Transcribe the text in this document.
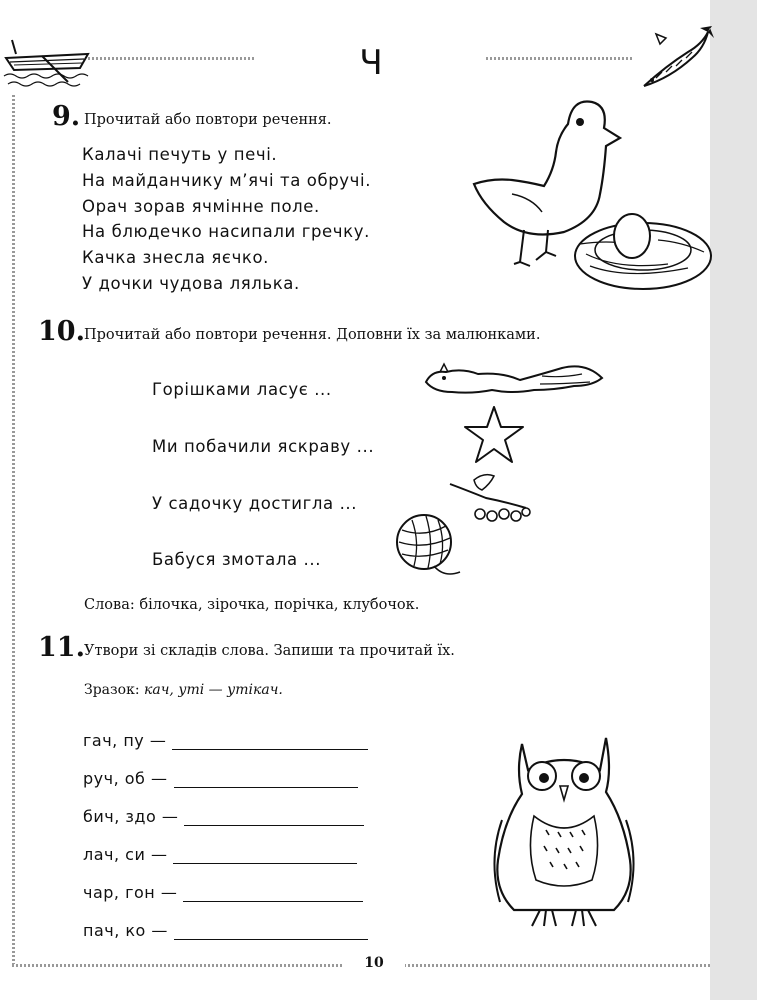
Ч
9. Прочитай або повтори речення.
Калачі печуть у печі.
На майданчику м’ячі та обручі.
Орач зорав ячмінне поле.
На блюдечко насипали гречку.
Качка знесла яєчко.
У дочки чудова лялька.
10. Прочитай або повтори речення. Доповни їх за малюнками.
Горішками ласує ...
Ми побачили яскраву ...
У садочку достигла ...
Бабуся змотала ...
Слова: білочка, зірочка, порічка, клубочок.
11. Утвори зі складів слова. Запиши та прочитай їх.
Зразок: кач, уті — утікач.
гач, пу —
руч, об —
бич, здо —
лач, си —
чар, гон —
пач, ко —
10
